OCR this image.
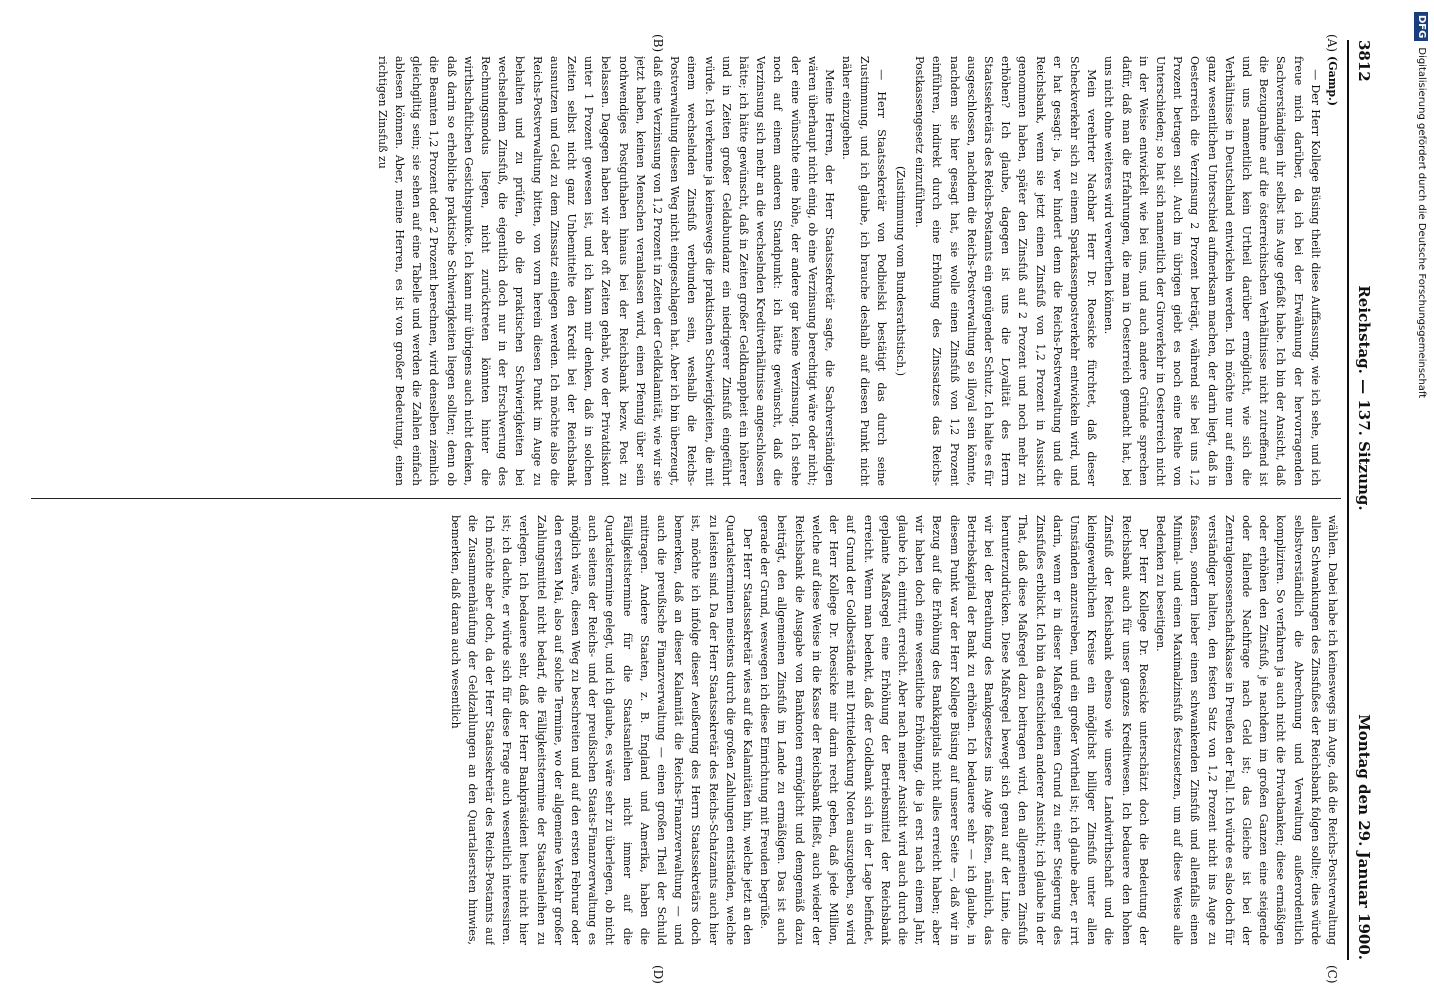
3812
Reichstag. — 137. Sitzung.
Montag den 29. Januar 1900.
(A)
(B)
(C)
(D)

(Gamp.)

— Der Herr Kollege Büsing theilt diese Auffassung, wie ich sehe, und ich freue mich darüber, da ich bei der Erwähnung der hervorragenden Sachverständigen ihr selbst ins Auge gefaßt habe. Ich bin der Ansicht, daß die Bezugnahme auf die österreichischen Verhältnisse nicht zutreffend ist und uns namentlich kein Urtheil darüber ermöglicht, wie sich die Verhältnisse in Deutschland entwickeln werden. Ich möchte nur auf einen ganz wesentlichen Unterschied aufmerksam machen, der darin liegt, daß in Oesterreich die Verzinsung 2 Prozent beträgt, während sie bei uns 1,2 Prozent betragen soll. Auch im übrigen giebt es noch eine Reihe von Unterschieden; so hat sich namentlich der Giroverkehr in Oesterreich nicht in der Weise entwickelt wie bei uns, und auch andere Gründe sprechen dafür, daß man die Erfahrungen, die man in Oesterreich gemacht hat, bei uns nicht ohne weiteres wird verwerthen können.

Mein verehrter Nachbar Herr Dr. Roesicke fürchtet, daß dieser Scheckverkehr sich zu einem Sparkassenpostverkehr entwickeln wird, und er hat gesagt: ja, wer hindert denn die Reichs-Postverwaltung und die Reichsbank, wenn sie jetzt einen Zinsfuß von 1,2 Prozent in Aussicht genommen haben, später den Zinsfuß auf 2 Prozent und noch mehr zu erhöhen? Ich glaube, dagegen ist uns die Loyalität des Herrn Staatssekretärs des Reichs-Postamts ein genügender Schutz. Ich halte es für ausgeschlossen, nachdem die Reichs-Postverwaltung so illoyal sein könnte, nachdem sie hier gesagt hat, sie wolle einen Zinsfuß von 1,2 Prozent einführen, indirekt durch eine Erhöhung des Zinssatzes das Reichs-Postkassengesetz einzuführen.

(Zustimmung vom Bundesrathstisch.)

— Herr Staatssekretär von Podbielski bestätigt das durch seine Zustimmung, und ich glaube, ich brauche deshalb auf diesen Punkt nicht näher einzugehen.

Meine Herren, der Herr Staatssekretär sagte, die Sachverständigen wären überhaupt nicht einig, ob eine Verzinsung berechtigt wäre oder nicht; der eine wünschte eine höhe, der andere gar keine Verzinsung. Ich stehe noch auf einem anderen Standpunkt: ich hätte gewünscht, daß die Verzinsung sich mehr an die wechselnden Kreditverhältnisse angeschlossen hätte; ich hätte gewünscht, daß in Zeiten großer Geldknappheit ein höherer und in Zeiten großer Geldabundanz ein niedrigerer Zinsfuß eingeführt würde. Ich verkenne ja keineswegs die praktischen Schwierigkeiten, die mit einem wechselnden Zinsfuß verbunden sein, weshalb die Reichs-Postverwaltung diesen Weg nicht eingeschlagen hat. Aber ich bin überzeugt, daß eine Verzinsung von 1,2 Prozent in Zeiten der Geldkalamität, wie wir sie jetzt haben, keinen Menschen veranlassen wird, einen Pfennig über sein nothwendiges Postguthaben hinaus bei der Reichsbank bezw. Post zu belassen. Dagegen haben wir aber oft Zeiten gehabt, wo der Privatdiskont unter 1 Prozent gewesen ist, und ich kann mir denken, daß in solchen Zeiten selbst nicht ganz Unbemittelte den Kredit bei der Reichsbank ausnutzen und Geld zu dem Zinssatz einlegen werden. Ich möchte also die Reichs-Postverwaltung bitten, von vorn herein diesen Punkt im Auge zu behalten und zu prüfen, ob die praktischen Schwierigkeiten bei wechselndem Zinsfuß, die eigentlich doch nur in der Erschwerung des Rechnungsmodus liegen, nicht zurücktreten könnten hinter die wirthschaftlichen Gesichtspunkte. Ich kann mir übrigens auch nicht denken, daß darin so erhebliche praktische Schwierigkeiten liegen sollten; denn ob die Beamten 1,2 Prozent oder 2 Prozent berechnen, wird denselben ziemlich gleichgiltig sein; sie sehen auf eine Tabelle und werden die Zahlen einfach ablesen können. Aber, meine Herren, es ist von großer Bedeutung, einen richtigen Zinsfuß zu

wählen. Dabei habe ich keineswegs im Auge, daß die Reichs-Postverwaltung allen Schwankungen des Zinsfußes der Reichsbank folgen sollte; dies würde selbstverständlich die Abrechnung und Verwaltung außerordentlich kompliziren. So verfahren ja auch nicht die Privatbanken; diese ermäßigen oder erhöhen den Zinsfuß, je nachdem im großen Ganzen eine steigende oder fallende Nachfrage nach Geld ist; das Gleiche ist bei der Zentralgenossenschaftskasse in Preußen der Fall. Ich würde es also doch für verständiger halten, den festen Satz von 1,2 Prozent nicht ins Auge zu fassen, sondern lieber einen schwankenden Zinsfuß und allenfalls einen Minimal- und einen Maximalzinsfuß festzusetzen, um auf diese Weise alle Bedenken zu beseitigen.

Der Herr Kollege Dr. Roesicke unterschätzt doch die Bedeutung der Reichsbank auch für unser ganzes Kreditwesen. Ich bedauere den hohen Zinsfuß der Reichsbank ebenso wie unsere Landwirthschaft und die kleingewerblichen Kreise ein möglichst billiger Zinsfuß unter allen Umständen anzustreben, und ein großer Vortheil ist; ich glaube aber, er irrt darin, wenn er in dieser Maßregel einen Grund zu einer Steigerung des Zinsfußes erblickt. Ich bin da entschieden anderer Ansicht; ich glaube in der That, daß diese Maßregel dazu beitragen wird, den allgemeinen Zinsfuß herunterzudrücken. Diese Maßregel bewegt sich genau auf der Linie, die wir bei der Berathung des Bankgesetzes ins Auge faßten, nämlich, das Betriebskapital der Bank zu erhöhen. Ich bedauere sehr — ich glaube, in diesem Punkt war der Herr Kollege Büsing auf unserer Seite —, daß wir in Bezug auf die Erhöhung des Bankkapitals nicht alles erreicht haben; aber wir haben doch eine wesentliche Erhöhung, die ja erst nach einem Jahr, glaube ich, eintritt, erreicht. Aber nach meiner Ansicht wird auch durch die geplante Maßregel eine Erhöhung der Betriebsmittel der Reichsbank erreicht. Wenn man bedenkt, daß der Goldbank sich in der Lage befindet, auf Grund der Goldbestände mit Dritteldeckung Noten auszugeben, so wird der Herr Kollege Dr. Roesicke mir darin recht geben, daß jede Million, welche auf diese Weise in die Kasse der Reichsbank fließt, auch wieder der Reichsbank die Ausgabe von Banknoten ermöglicht und demgemäß dazu beiträgt, den allgemeinen Zinsfuß im Lande zu ermäßigen. Das ist auch gerade der Grund, weswegen ich diese Einrichtung mit Freuden begrüße.

Der Herr Staatssekretär wies auf die Kalamitäten hin, welche jetzt an den Quartalsterminen meistens durch die großen Zahlungen entständen, welche zu leisten sind. Da der Herr Staatssekretär des Reichs-Schatzamts auch hier ist, möchte ich infolge dieser Aeußerung des Herrn Staatssekretärs doch bemerken, daß an dieser Kalamität die Reichs-Finanzverwaltung — und auch die preußische Finanzverwaltung — einen großen Theil der Schuld mittragen. Andere Staaten, z. B. England und Amerika, haben die Fälligkeitstermine für die Staatsanleihen nicht immer auf die Quartalstermine gelegt, und ich glaube, es wäre sehr zu überlegen, ob nicht auch seitens der Reichs- und der preußischen Staats-Finanzverwaltung es möglich wäre, diesen Weg zu beschreiten und auf den ersten Februar oder den ersten Mai, also auf solche Termine, wo der allgemeine Verkehr großer Zahlungsmittel nicht bedarf, die Fälligkeitstermine der Staatsanleihen zu verlegen. Ich bedauere sehr, daß der Herr Bankpräsident heute nicht hier ist; ich dachte, er würde sich für diese Frage auch wesentlich interessiren. Ich möchte aber doch, da der Herr Staatssekretär des Reichs-Postamts auf die Zusammenhäufung der Geldzahlungen an den Quartalsersten hinwies, bemerken, daß daran auch wesentlich

DFGDigitalisierung gefördert durch die Deutsche Forschungsgemeinschaft
